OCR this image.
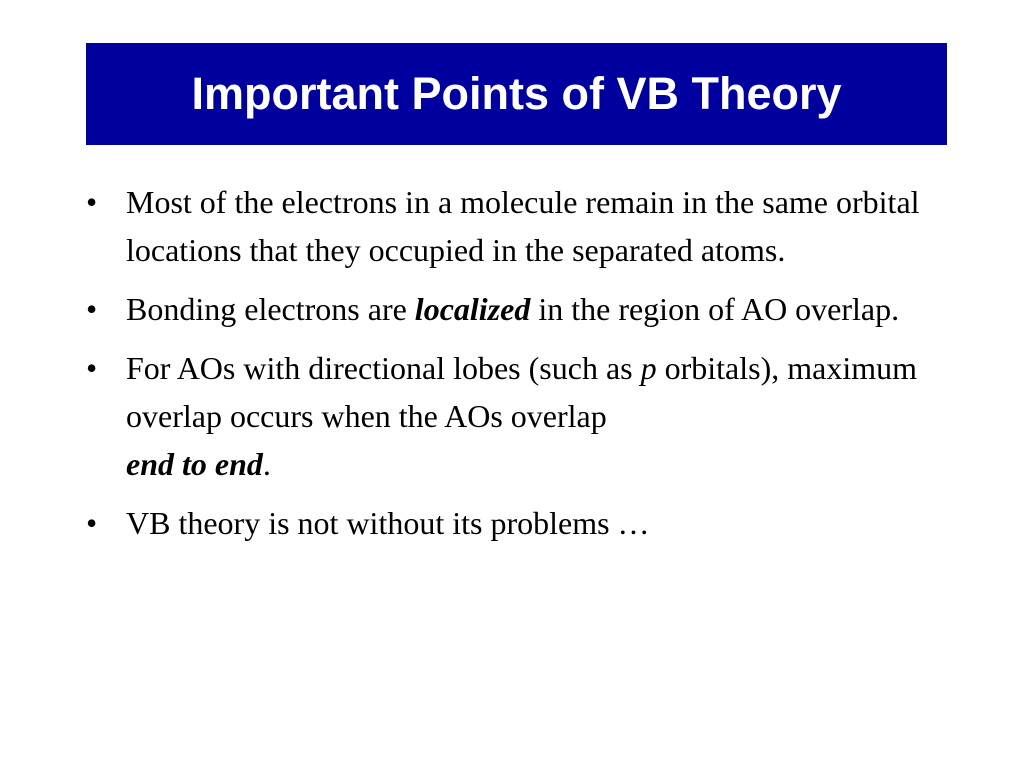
Important Points of VB Theory
• Most of the electrons in a molecule remain in the same orbital locations that they occupied in the separated atoms.
• Bonding electrons are localized in the region of AO overlap.
• For AOs with directional lobes (such as p orbitals), maximum overlap occurs when the AOs overlap
end to end.
• VB theory is not without its problems …
